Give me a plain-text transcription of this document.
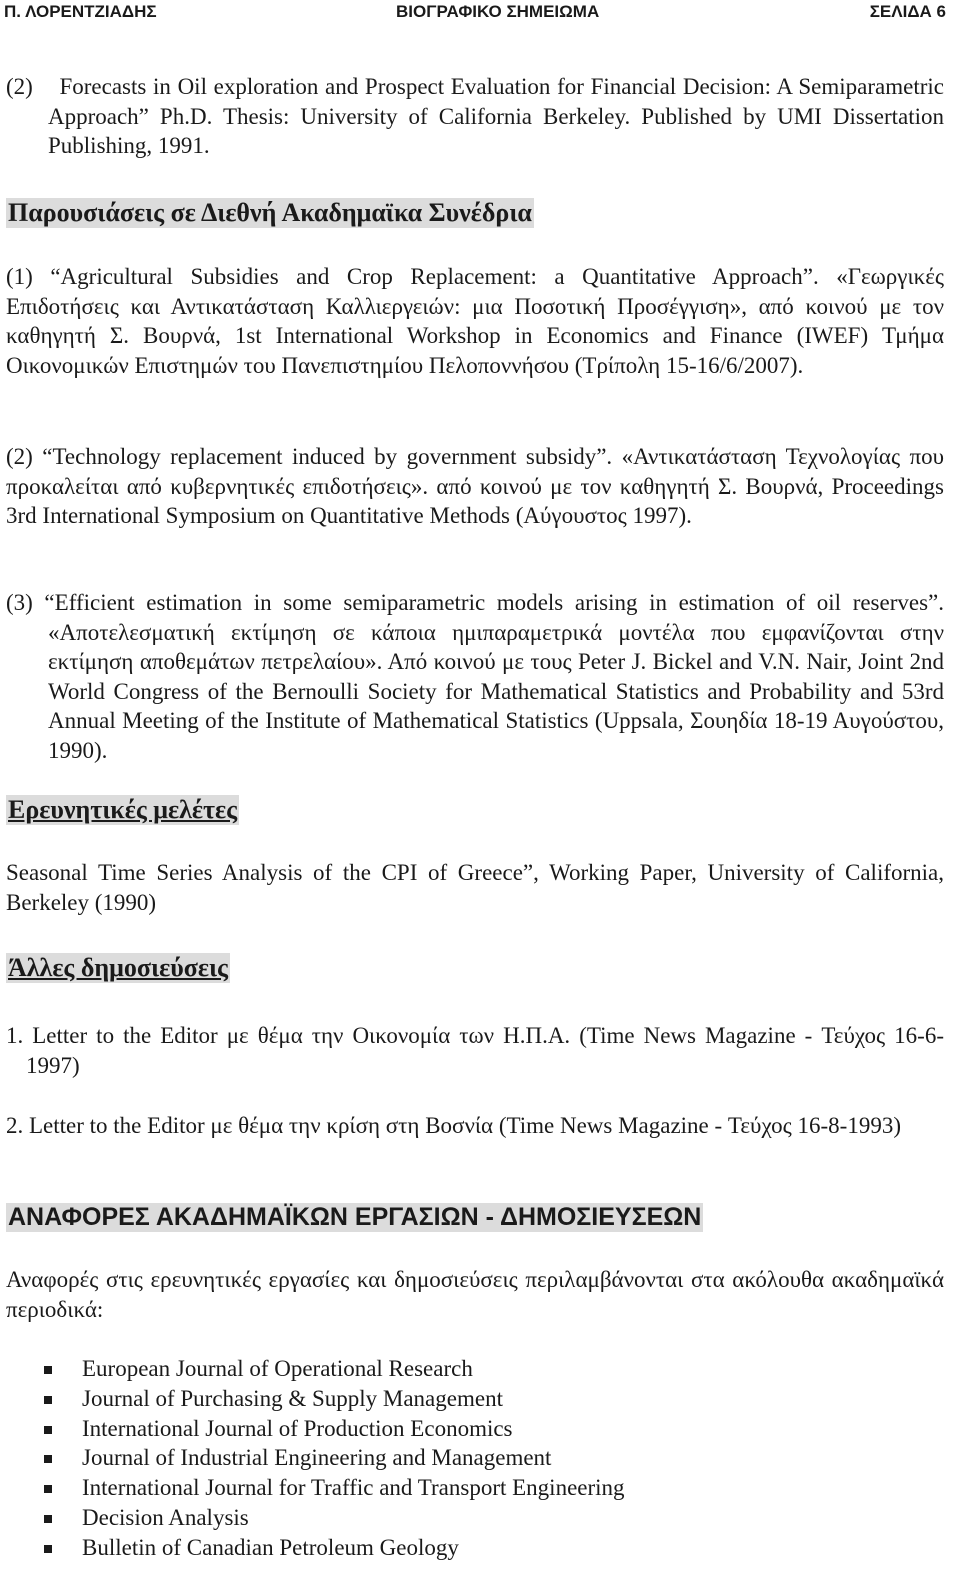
Π. ΛΟΡΕΝΤΖΙΑΔΗΣ	ΒΙΟΓΡΑΦΙΚΟ ΣΗΜΕΙΩΜΑ	ΣΕΛΙΔΑ 6

(2)    Forecasts in Oil exploration and Prospect Evaluation for Financial Decision: A Semiparametric Approach” Ph.D. Thesis: University of California Berkeley. Published by UMI Dissertation Publishing, 1991.

Παρουσιάσεις σε Διεθνή Ακαδημαϊκα Συνέδρια

(1) “Agricultural Subsidies and Crop Replacement: a Quantitative Approach”. «Γεωργικές Επιδοτήσεις και Αντικατάσταση Καλλιεργειών: μια Ποσοτική Προσέγγιση», από κοινού με τον καθηγητή Σ. Βουρνά, 1st International Workshop in Economics and Finance (IWEF) Τμήμα Οικονομικών Επιστημών του Πανεπιστημίου Πελοποννήσου (Τρίπολη 15-16/6/2007).

(2) “Technology replacement induced by government subsidy”. «Αντικατάσταση Τεχνολογίας που προκαλείται από κυβερνητικές επιδοτήσεις». από κοινού με τον καθηγητή Σ. Βουρνά, Proceedings 3rd International Symposium on Quantitative Methods (Αύγουστος 1997).

(3) “Efficient estimation in some semiparametric models arising in estimation of oil reserves”. «Αποτελεσματική εκτίμηση σε κάποια ημιπαραμετρικά μοντέλα που εμφανίζονται στην εκτίμηση αποθεμάτων πετρελαίου». Από κοινού με τους Peter J. Bickel and V.N. Nair, Joint 2nd World Congress of the Bernoulli Society for Mathematical Statistics and Probability and 53rd Annual Meeting of the Institute of Mathematical Statistics (Uppsala, Σουηδία 18-19 Αυγούστου, 1990).

Ερευνητικές μελέτες

Seasonal Time Series Analysis of the CPI of Greece”, Working Paper, University of California, Berkeley (1990)

Άλλες δημοσιεύσεις

1. Letter to the Editor με θέμα την Οικονομία των Η.Π.Α. (Time News Magazine - Τεύχος 16-6-1997)

2. Letter to the Editor με θέμα την κρίση στη Βοσνία (Time News Magazine - Τεύχος 16-8-1993)

ΑΝΑΦΟΡΕΣ ΑΚΑΔΗΜΑΪΚΩΝ ΕΡΓΑΣΙΩΝ - ΔΗΜΟΣΙΕΥΣΕΩΝ

Αναφορές στις ερευνητικές εργασίες και δημοσιεύσεις περιλαμβάνονται στα ακόλουθα ακαδημαϊκά περιοδικά:

European Journal of Operational Research
Journal of Purchasing & Supply Management
International Journal of Production Economics
Journal of Industrial Engineering and Management
International Journal for Traffic and Transport Engineering
Decision Analysis
Bulletin of Canadian Petroleum Geology
